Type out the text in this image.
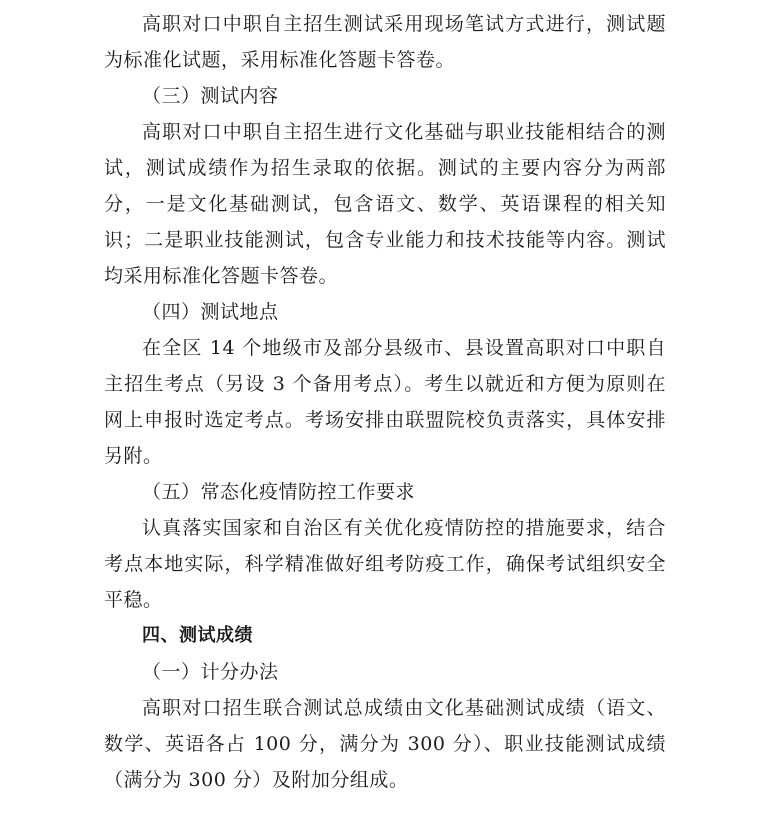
高职对口中职自主招生测试采用现场笔试方式进行，测试题为标准化试题，采用标准化答题卡答卷。

（三）测试内容

高职对口中职自主招生进行文化基础与职业技能相结合的测试，测试成绩作为招生录取的依据。测试的主要内容分为两部分，一是文化基础测试，包含语文、数学、英语课程的相关知识；二是职业技能测试，包含专业能力和技术技能等内容。测试均采用标准化答题卡答卷。

（四）测试地点

在全区 14 个地级市及部分县级市、县设置高职对口中职自主招生考点（另设 3 个备用考点）。考生以就近和方便为原则在网上申报时选定考点。考场安排由联盟院校负责落实，具体安排另附。

（五）常态化疫情防控工作要求

认真落实国家和自治区有关优化疫情防控的措施要求，结合考点本地实际，科学精准做好组考防疫工作，确保考试组织安全平稳。

四、测试成绩

（一）计分办法

高职对口招生联合测试总成绩由文化基础测试成绩（语文、数学、英语各占 100 分，满分为 300 分）、职业技能测试成绩（满分为 300 分）及附加分组成。
